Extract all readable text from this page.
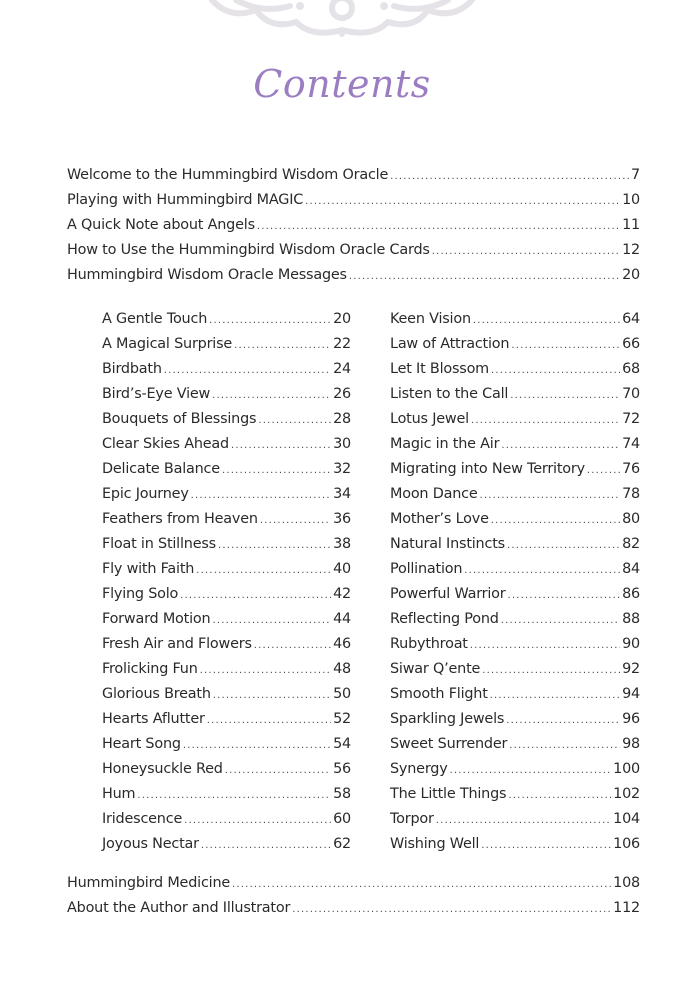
Contents
Welcome to the Hummingbird Wisdom Oracle .....	7
Playing with Hummingbird MAGIC .....	10
A Quick Note about Angels .....	11
How to Use the Hummingbird Wisdom Oracle Cards .....	12
Hummingbird Wisdom Oracle Messages .....	20
A Gentle Touch .....	20
A Magical Surprise .....	22
Birdbath .....	24
Bird’s-Eye View .....	26
Bouquets of Blessings .....	28
Clear Skies Ahead .....	30
Delicate Balance .....	32
Epic Journey .....	34
Feathers from Heaven .....	36
Float in Stillness .....	38
Fly with Faith .....	40
Flying Solo .....	42
Forward Motion .....	44
Fresh Air and Flowers .....	46
Frolicking Fun .....	48
Glorious Breath .....	50
Hearts Aflutter .....	52
Heart Song .....	54
Honeysuckle Red .....	56
Hum .....	58
Iridescence .....	60
Joyous Nectar .....	62
Keen Vision .....	64
Law of Attraction .....	66
Let It Blossom .....	68
Listen to the Call .....	70
Lotus Jewel .....	72
Magic in the Air .....	74
Migrating into New Territory .....	76
Moon Dance .....	78
Mother’s Love .....	80
Natural Instincts .....	82
Pollination .....	84
Powerful Warrior .....	86
Reflecting Pond .....	88
Rubythroat .....	90
Siwar Q’ente .....	92
Smooth Flight .....	94
Sparkling Jewels .....	96
Sweet Surrender .....	98
Synergy .....	100
The Little Things .....	102
Torpor .....	104
Wishing Well .....	106
Hummingbird Medicine .....	108
About the Author and Illustrator .....	112
